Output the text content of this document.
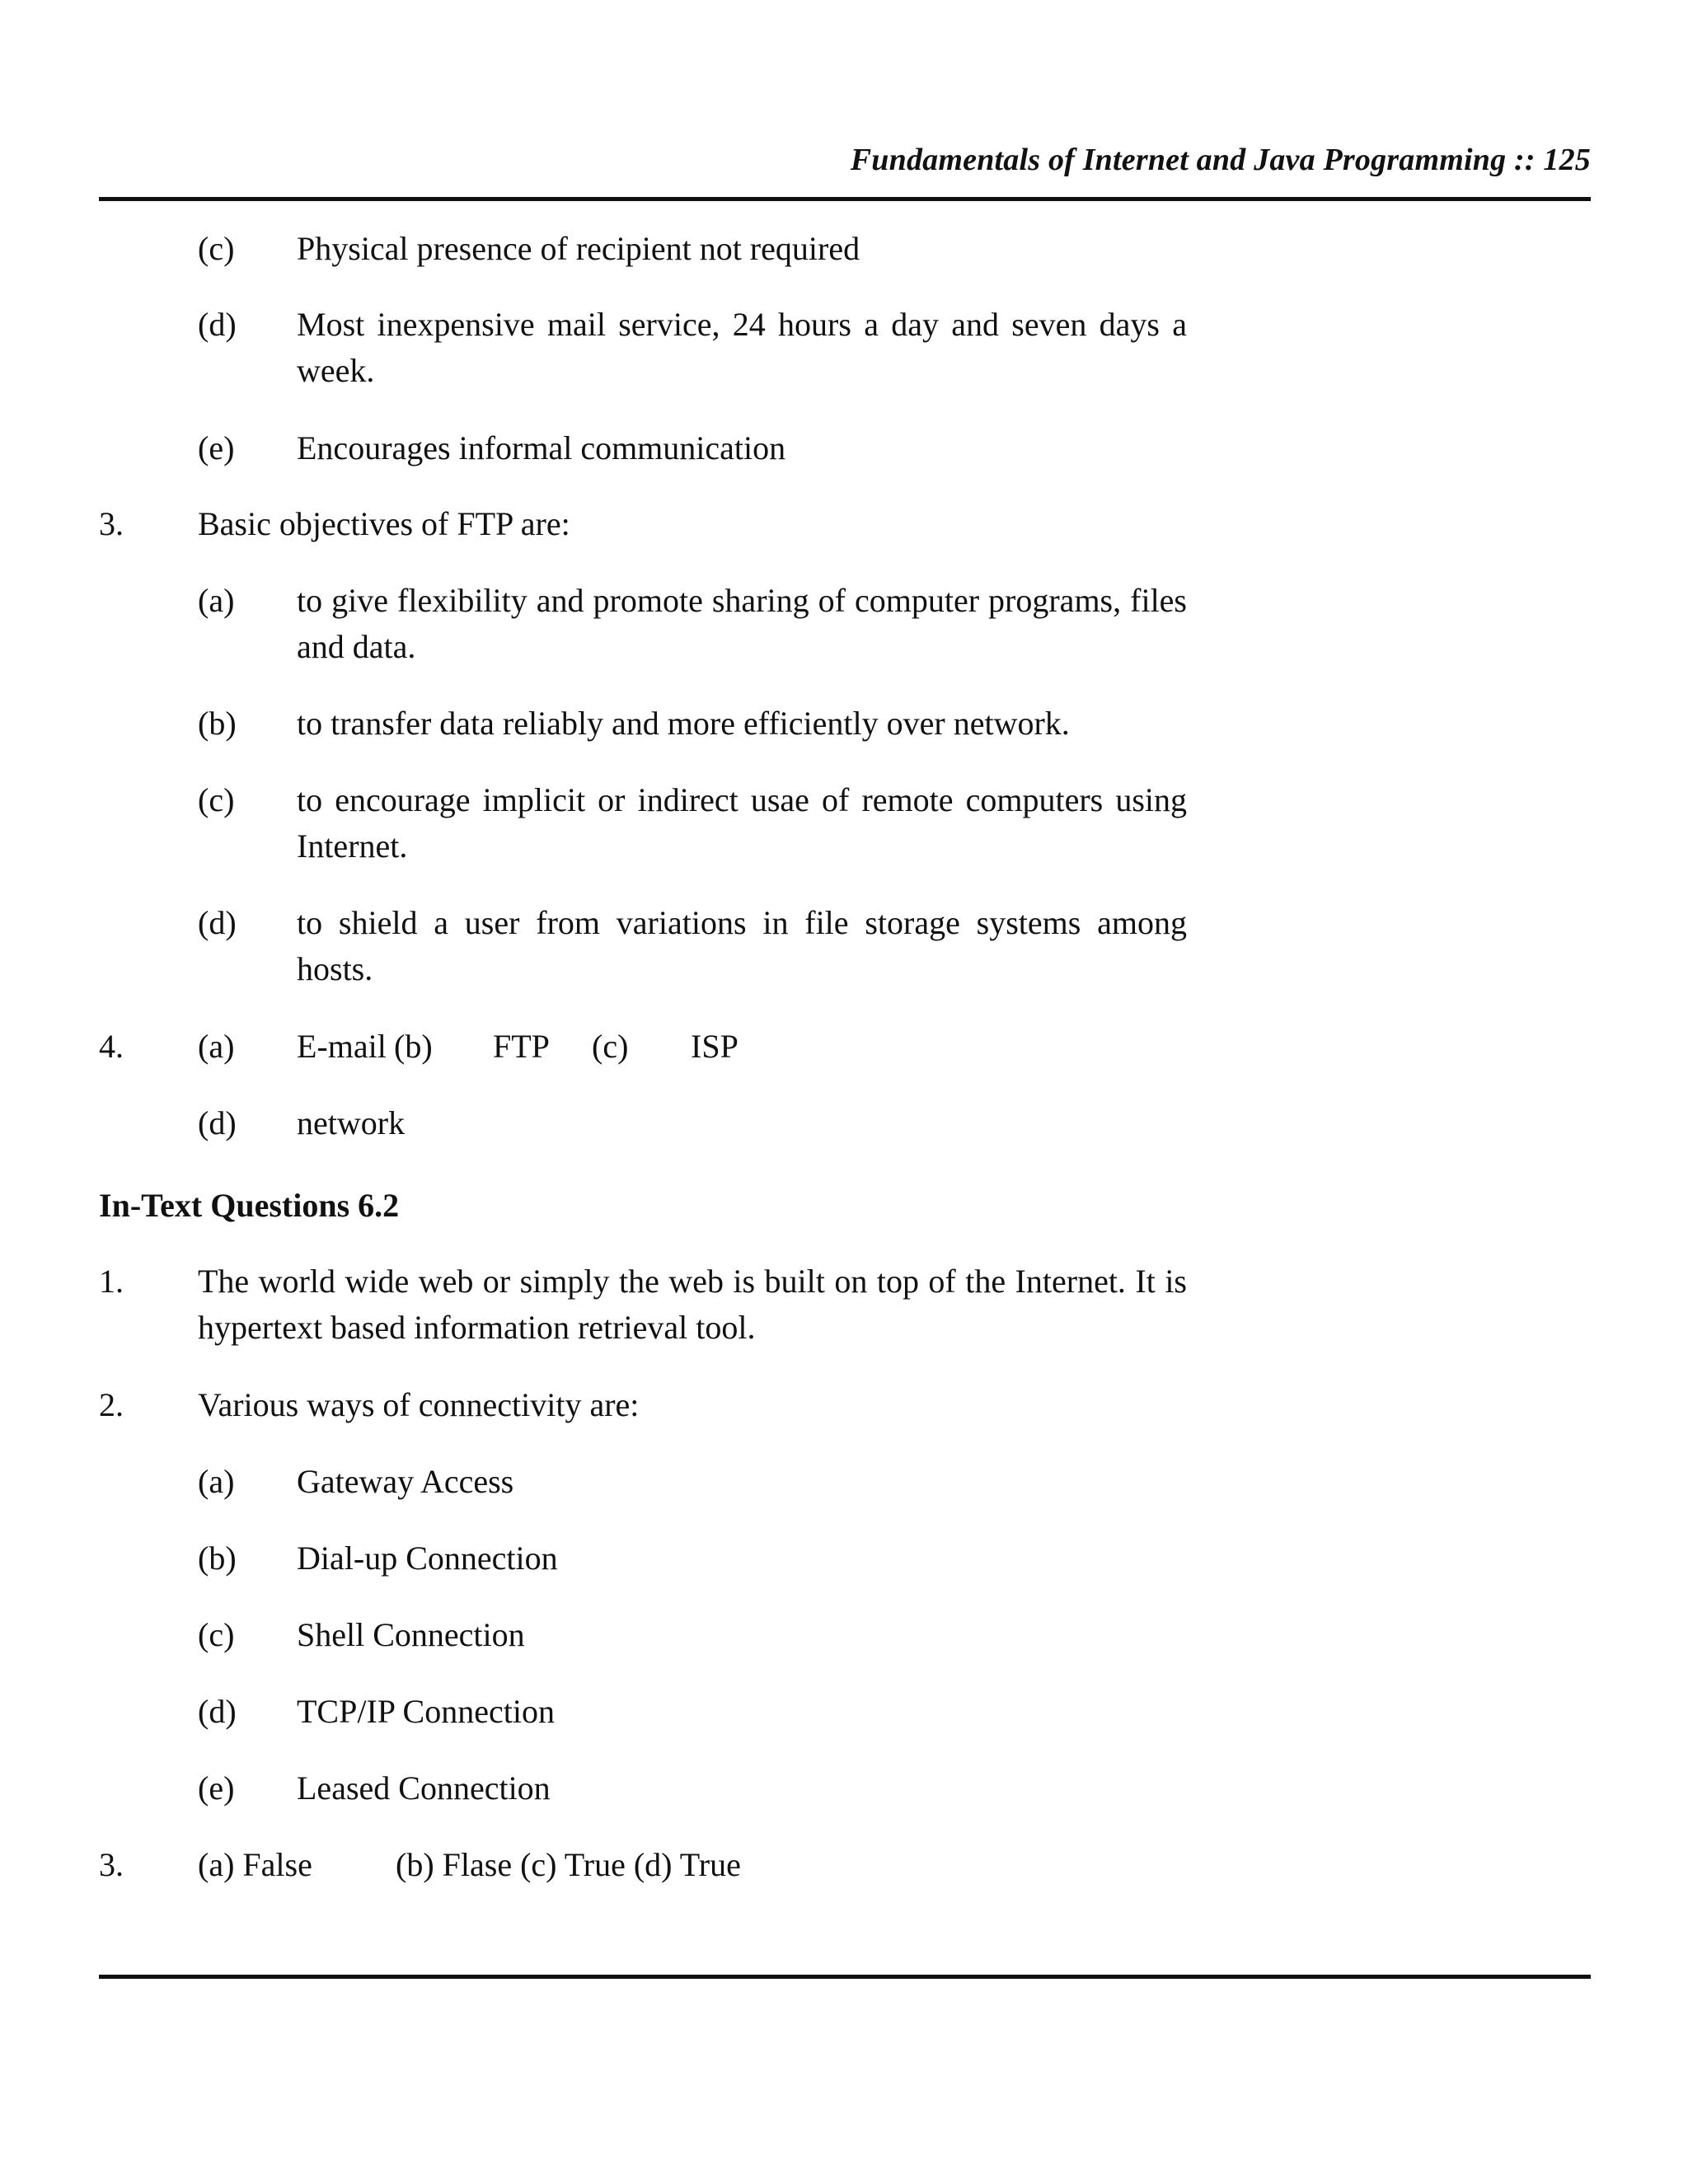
Fundamentals of Internet and Java Programming :: 125
(c) Physical presence of recipient not required
(d) Most inexpensive mail service, 24 hours a day and seven days a week.
(e) Encourages informal communication
3. Basic objectives of FTP are:
(a) to give flexibility and promote sharing of computer programs, files and data.
(b) to transfer data reliably and more efficiently over network.
(c) to encourage implicit or indirect usae of remote computers using Internet.
(d) to shield a user from variations in file storage systems among hosts.
4. (a) E-mail (b) FTP (c) ISP
(d) network
In-Text Questions 6.2
1. The world wide web or simply the web is built on top of the Internet. It is hypertext based information retrieval tool.
2. Various ways of connectivity are:
(a) Gateway Access
(b) Dial-up Connection
(c) Shell Connection
(d) TCP/IP Connection
(e) Leased Connection
3. (a) False	(b) Flase (c) True (d) True
